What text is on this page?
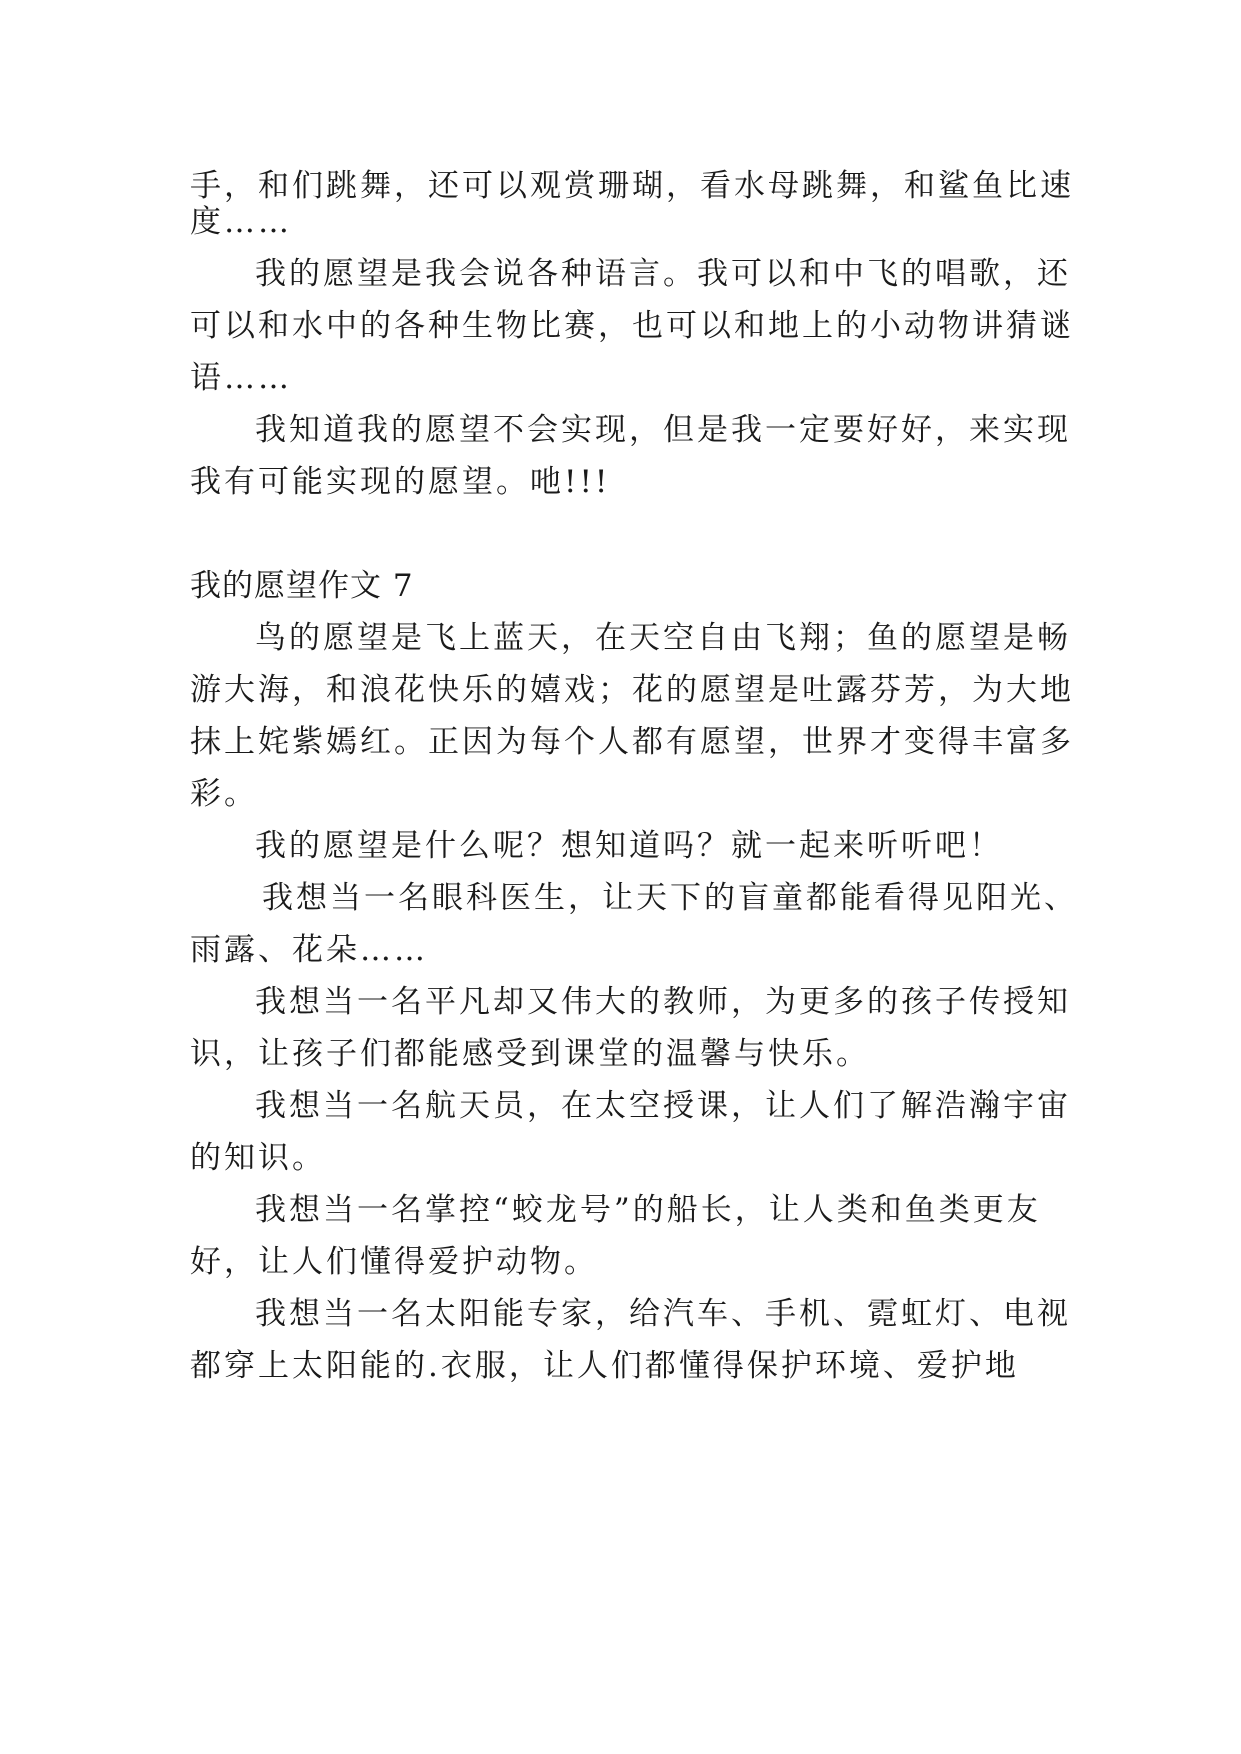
手，和们跳舞，还可以观赏珊瑚，看水母跳舞，和鲨鱼比速
度……
我的愿望是我会说各种语言。我可以和中飞的唱歌，还
可以和水中的各种生物比赛，也可以和地上的小动物讲猜谜
语……
我知道我的愿望不会实现，但是我一定要好好，来实现
我有可能实现的愿望。吔!!!
我的愿望作文 7
鸟的愿望是飞上蓝天，在天空自由飞翔；鱼的愿望是畅
游大海，和浪花快乐的嬉戏；花的愿望是吐露芬芳，为大地
抹上姹紫嫣红。正因为每个人都有愿望，世界才变得丰富多
彩。
我的愿望是什么呢？想知道吗？就一起来听听吧！
我想当一名眼科医生，让天下的盲童都能看得见阳光、
雨露、花朵……
我想当一名平凡却又伟大的教师，为更多的孩子传授知
识，让孩子们都能感受到课堂的温馨与快乐。
我想当一名航天员，在太空授课，让人们了解浩瀚宇宙
的知识。
我想当一名掌控“蛟龙号”的船长，让人类和鱼类更友
好，让人们懂得爱护动物。
我想当一名太阳能专家，给汽车、手机、霓虹灯、电视
都穿上太阳能的.衣服，让人们都懂得保护环境、爱护地
